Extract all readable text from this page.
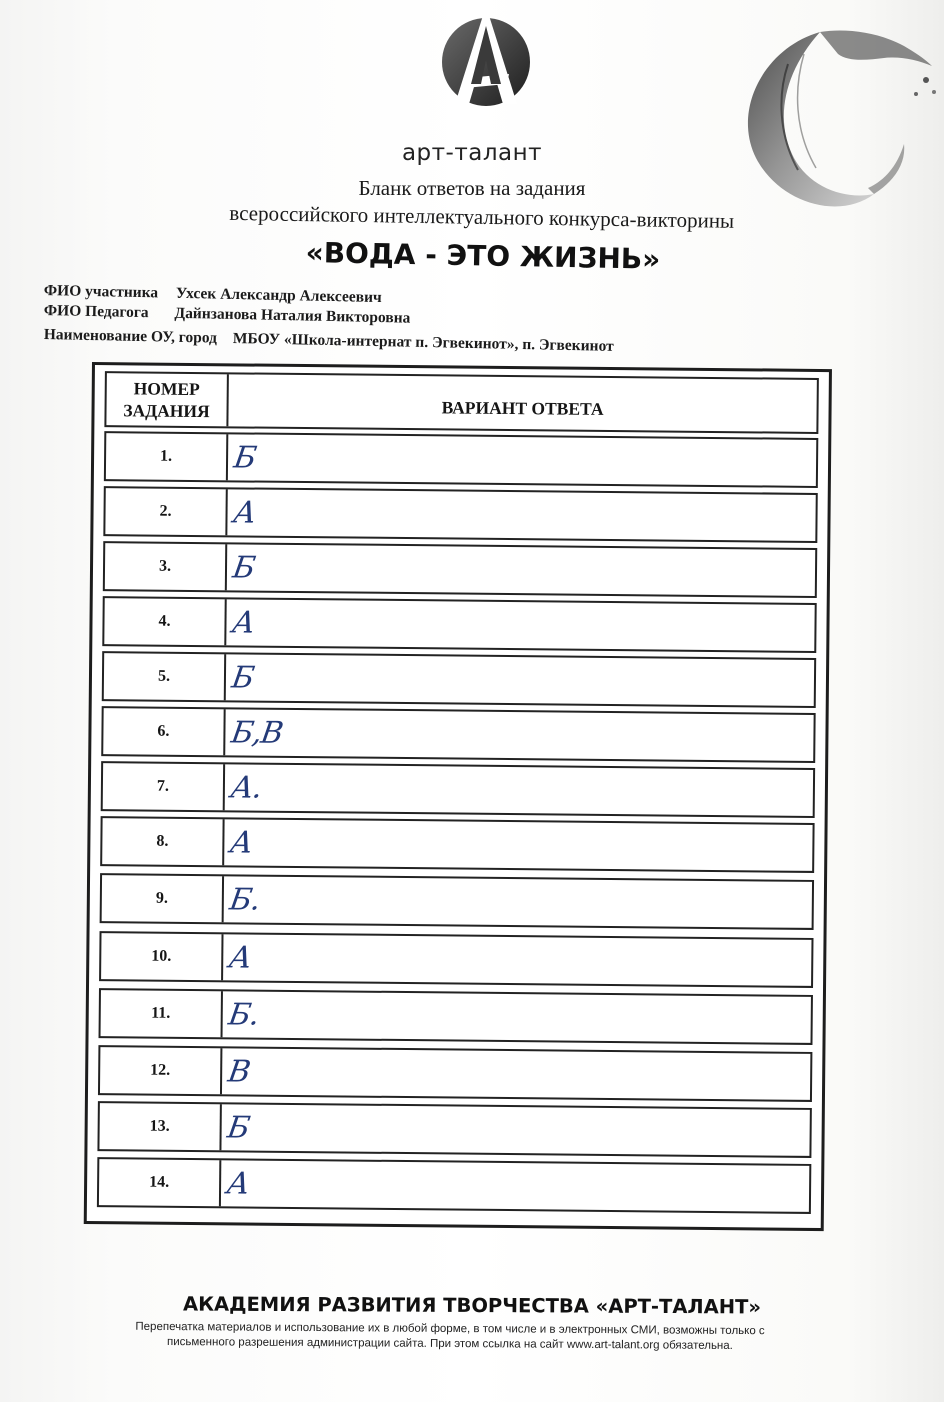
арт-талант
Бланк ответов на задания
всероссийского интеллектуального конкурса-викторины
«ВОДА - ЭТО ЖИЗНЬ»
ФИО участника Ухсек Александр Алексеевич
ФИО Педагога Дайнзанова Наталия Викторовна
Наименование ОУ, город МБОУ «Школа-интернат п. Эгвекинот», п. Эгвекинот
НОМЕР
ЗАДАНИЯ	ВАРИАНТ ОТВЕТА
1.	Б
2.	А
3.	Б
4.	А
5.	Б
6.	Б,В
7.	А.
8.	А
9.	Б.
10.	А
11.	Б.
12.	В
13.	Б
14.	А
АКАДЕМИЯ РАЗВИТИЯ ТВОРЧЕСТВА «АРТ-ТАЛАНТ»
Перепечатка материалов и использование их в любой форме, в том числе и в электронных СМИ, возможны только с
письменного разрешения администрации сайта. При этом ссылка на сайт www.art-talant.org обязательна.
